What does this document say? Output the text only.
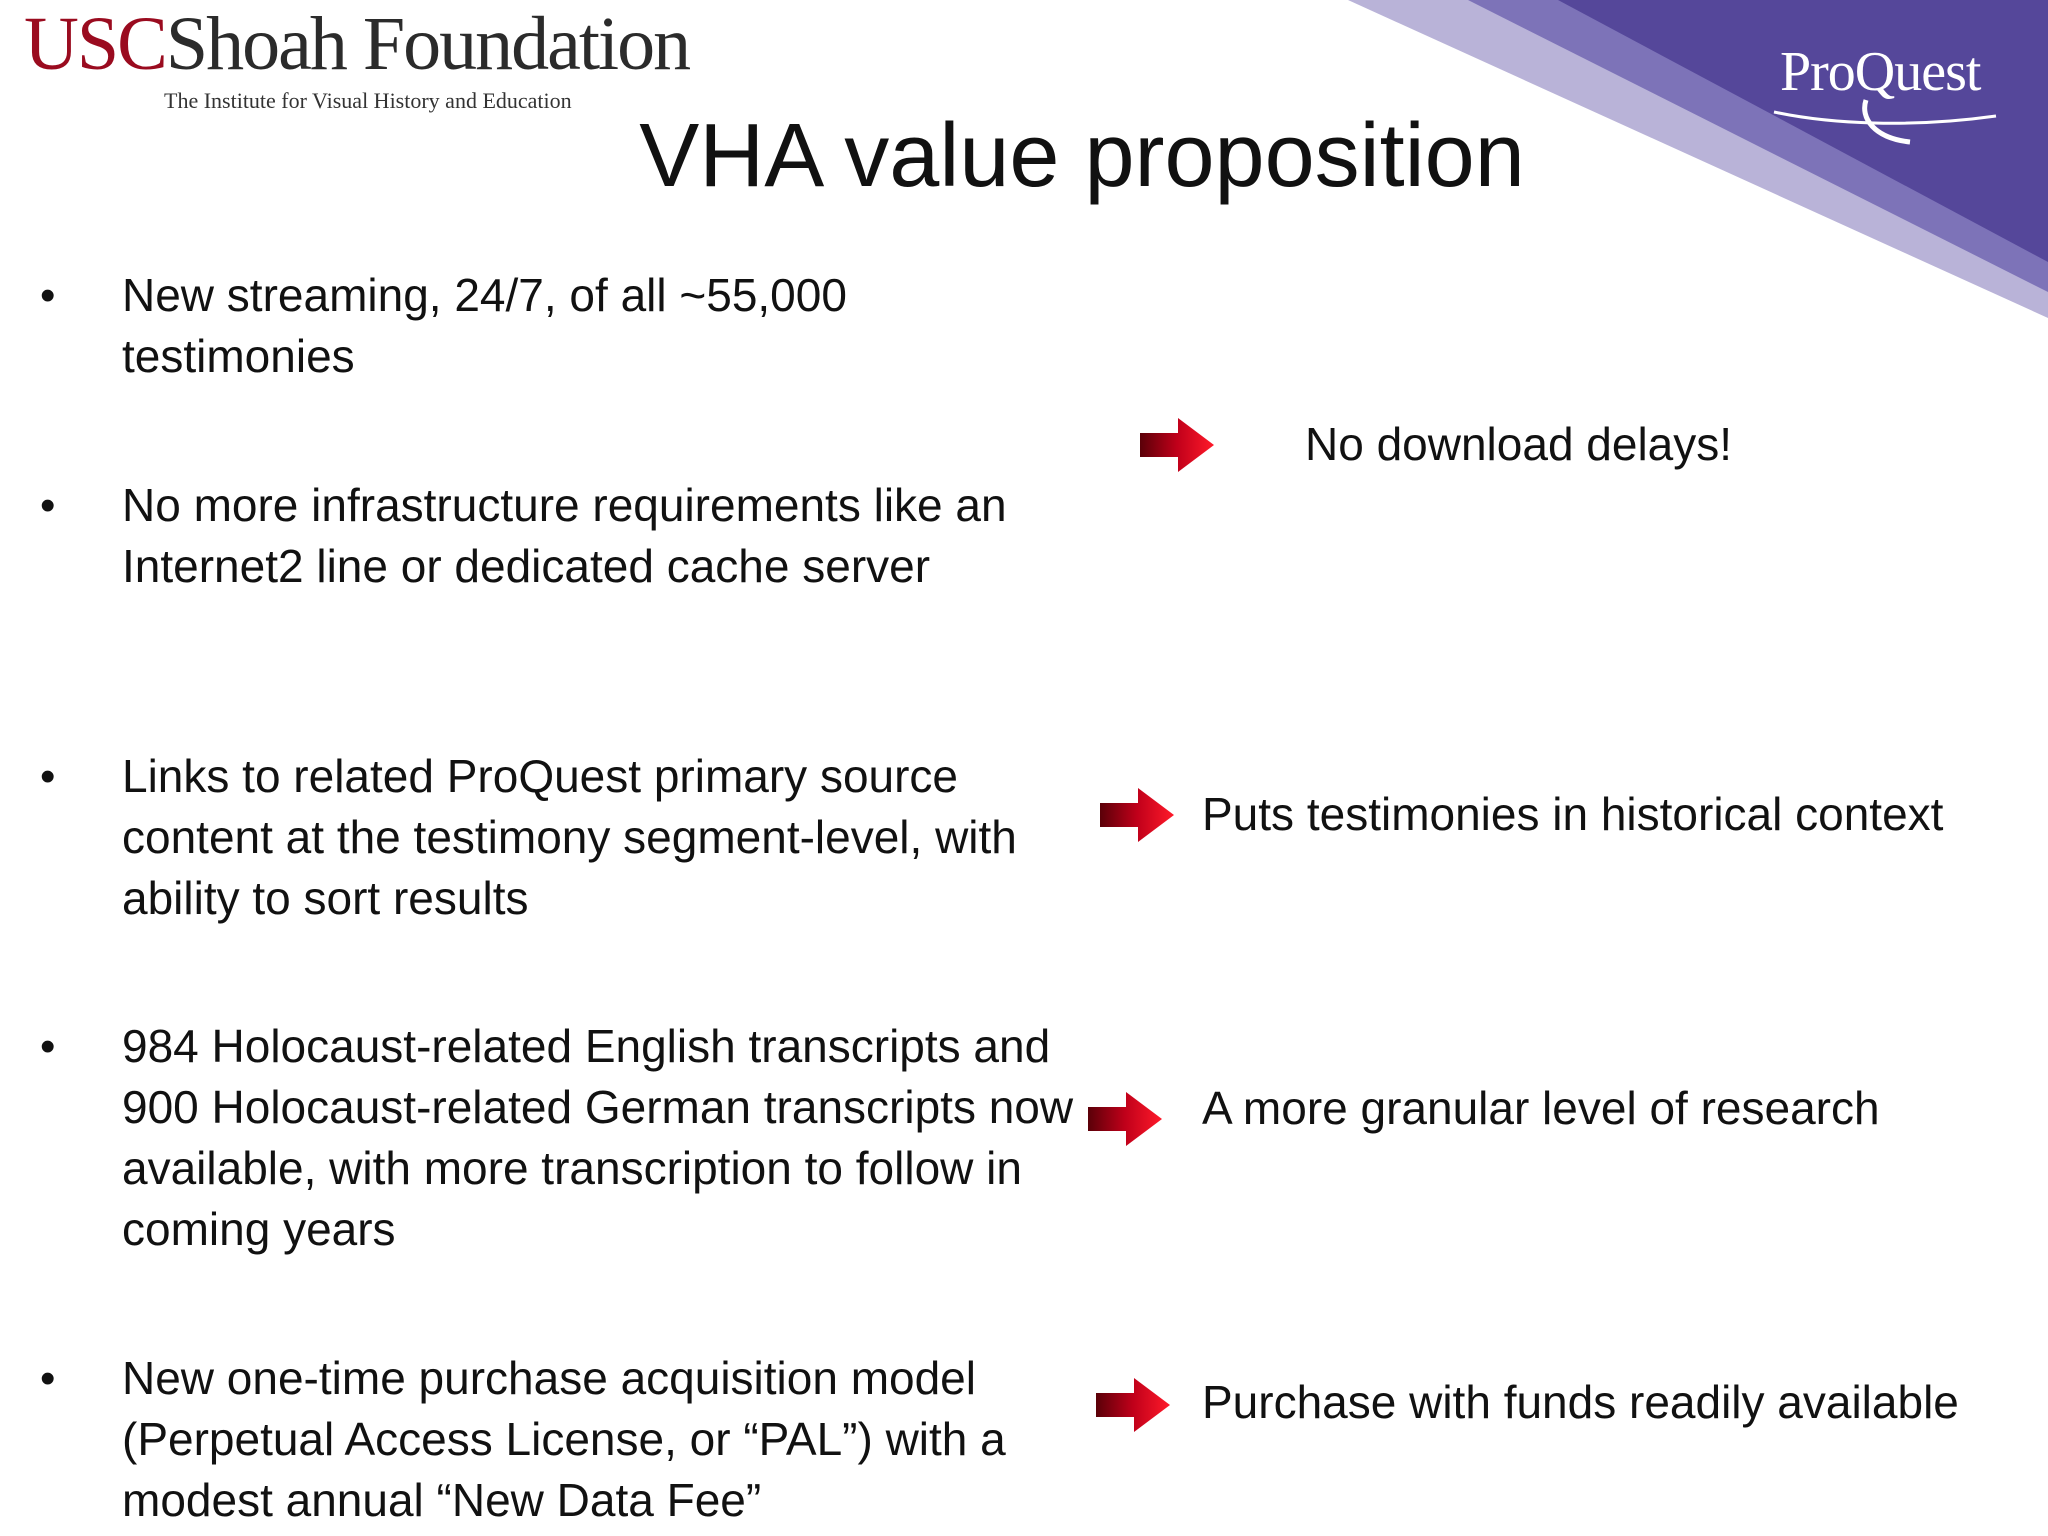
ProQuest
USCShoah Foundation
The Institute for Visual History and Education
VHA value proposition
• New streaming, 24/7, of all ~55,000 testimonies
• No more infrastructure requirements like an Internet2 line or dedicated cache server
• Links to related ProQuest primary source content at the testimony segment-level, with ability to sort results
• 984 Holocaust-related English transcripts and 900 Holocaust-related German transcripts now available, with more transcription to follow in coming years
• New one-time purchase acquisition model (Perpetual Access License, or “PAL”) with a modest annual “New Data Fee”
No download delays!
Puts testimonies in historical context
A more granular level of research
Purchase with funds readily available
